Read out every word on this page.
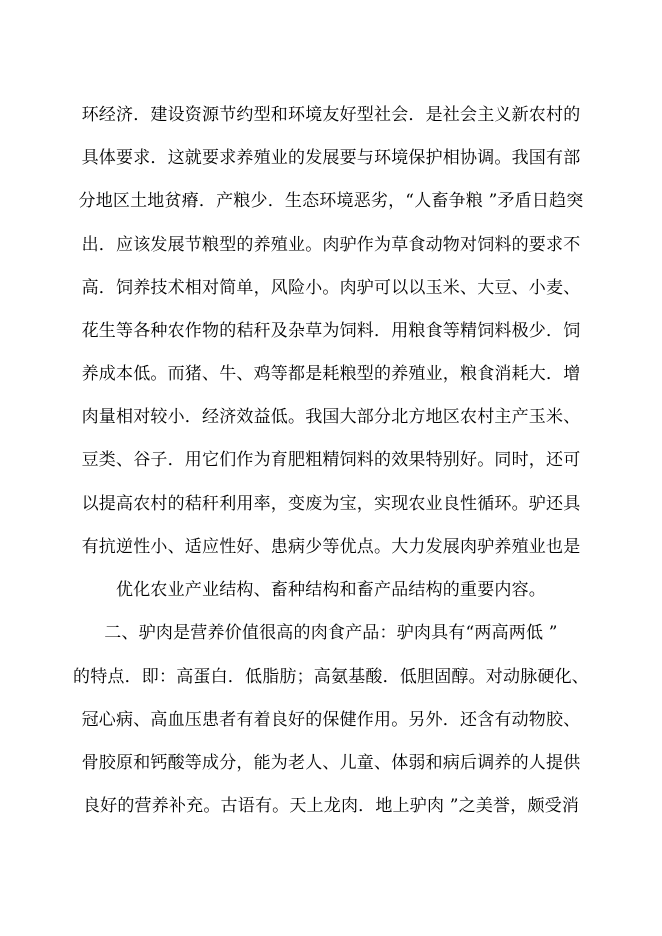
环经济．建设资源节约型和环境友好型社会．是社会主义新农村的
具体要求．这就要求养殖业的发展要与环境保护相协调。我国有部
分地区土地贫瘠．产粮少．生态环境恶劣，“人畜争粮 ”矛盾日趋突
出．应该发展节粮型的养殖业。肉驴作为草食动物对饲料的要求不
高．饲养技术相对简单，风险小。肉驴可以以玉米、大豆、小麦、
花生等各种农作物的秸秆及杂草为饲料．用粮食等精饲料极少．饲
养成本低。而猪、牛、鸡等都是耗粮型的养殖业，粮食消耗大．增
肉量相对较小．经济效益低。我国大部分北方地区农村主产玉米、
豆类、谷子．用它们作为育肥粗精饲料的效果特别好。同时，还可
以提高农村的秸秆利用率，变废为宝，实现农业良性循环。驴还具
有抗逆性小、适应性好、患病少等优点。大力发展肉驴养殖业也是
优化农业产业结构、畜种结构和畜产品结构的重要内容。
二、驴肉是营养价值很高的肉食产品：驴肉具有“两高两低 ”
的特点．即：高蛋白．低脂肪；高氨基酸．低胆固醇。对动脉硬化、
冠心病、高血压患者有着良好的保健作用。另外．还含有动物胶、
骨胶原和钙酸等成分，能为老人、儿童、体弱和病后调养的人提供
良好的营养补充。古语有。天上龙肉．地上驴肉 ”之美誉，颇受消
